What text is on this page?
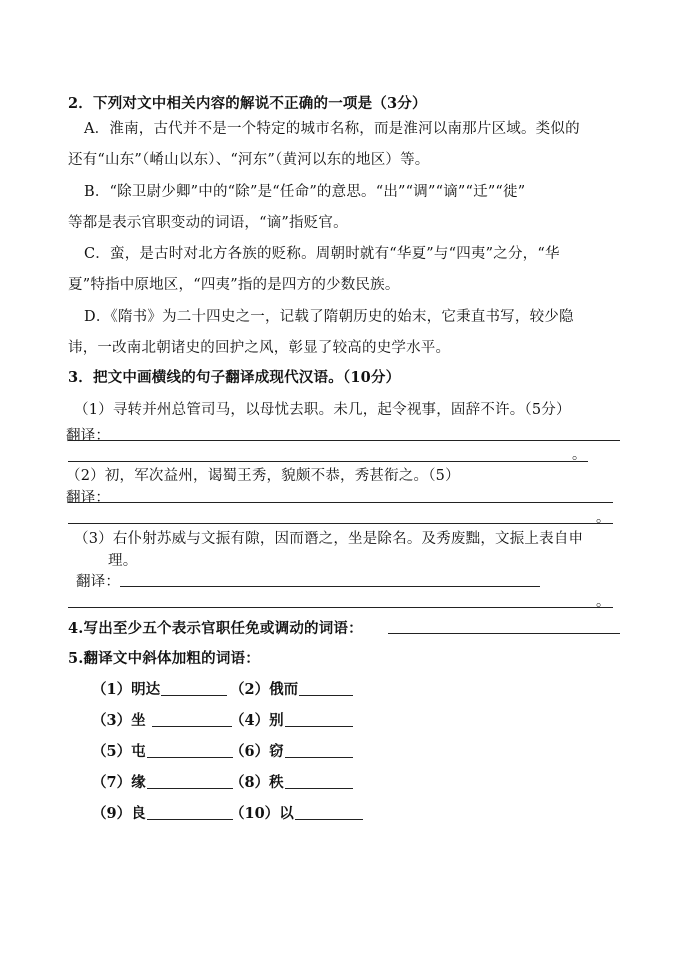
2．下列对文中相关内容的解说不正确的一项是（3分）
A．淮南，古代并不是一个特定的城市名称，而是淮河以南那片区域。类似的
还有“山东”（崤山以东）、“河东”（黄河以东的地区）等。
B．“除卫尉少卿”中的“除”是“任命”的意思。“出”“调”“谪”“迁”“徙”
等都是表示官职变动的词语，“谪”指贬官。
C．蛮，是古时对北方各族的贬称。周朝时就有“华夏”与“四夷”之分，“华
夏”特指中原地区，“四夷”指的是四方的少数民族。
D．《隋书》为二十四史之一，记载了隋朝历史的始末，它秉直书写，较少隐
讳，一改南北朝诸史的回护之风，彰显了较高的史学水平。
3．把文中画横线的句子翻译成现代汉语。（10分）
（1）寻转并州总管司马，以母忧去职。未几，起令视事，固辞不许。（5分）
翻译：
。
（2）初，军次益州，谒蜀王秀，貌颇不恭，秀甚衔之。（5）
翻译：
。
（3）右仆射苏威与文振有隙，因而谮之，坐是除名。及秀废黜，文振上表自申
理。
翻译：
。
4.写出至少五个表示官职任免或调动的词语：
5.翻译文中斜体加粗的词语：
（1）明达	（2）俄而
（3）坐	（4）别
（5）屯	（6）窃
（7）缘	（8）秩
（9）良	（10）以
